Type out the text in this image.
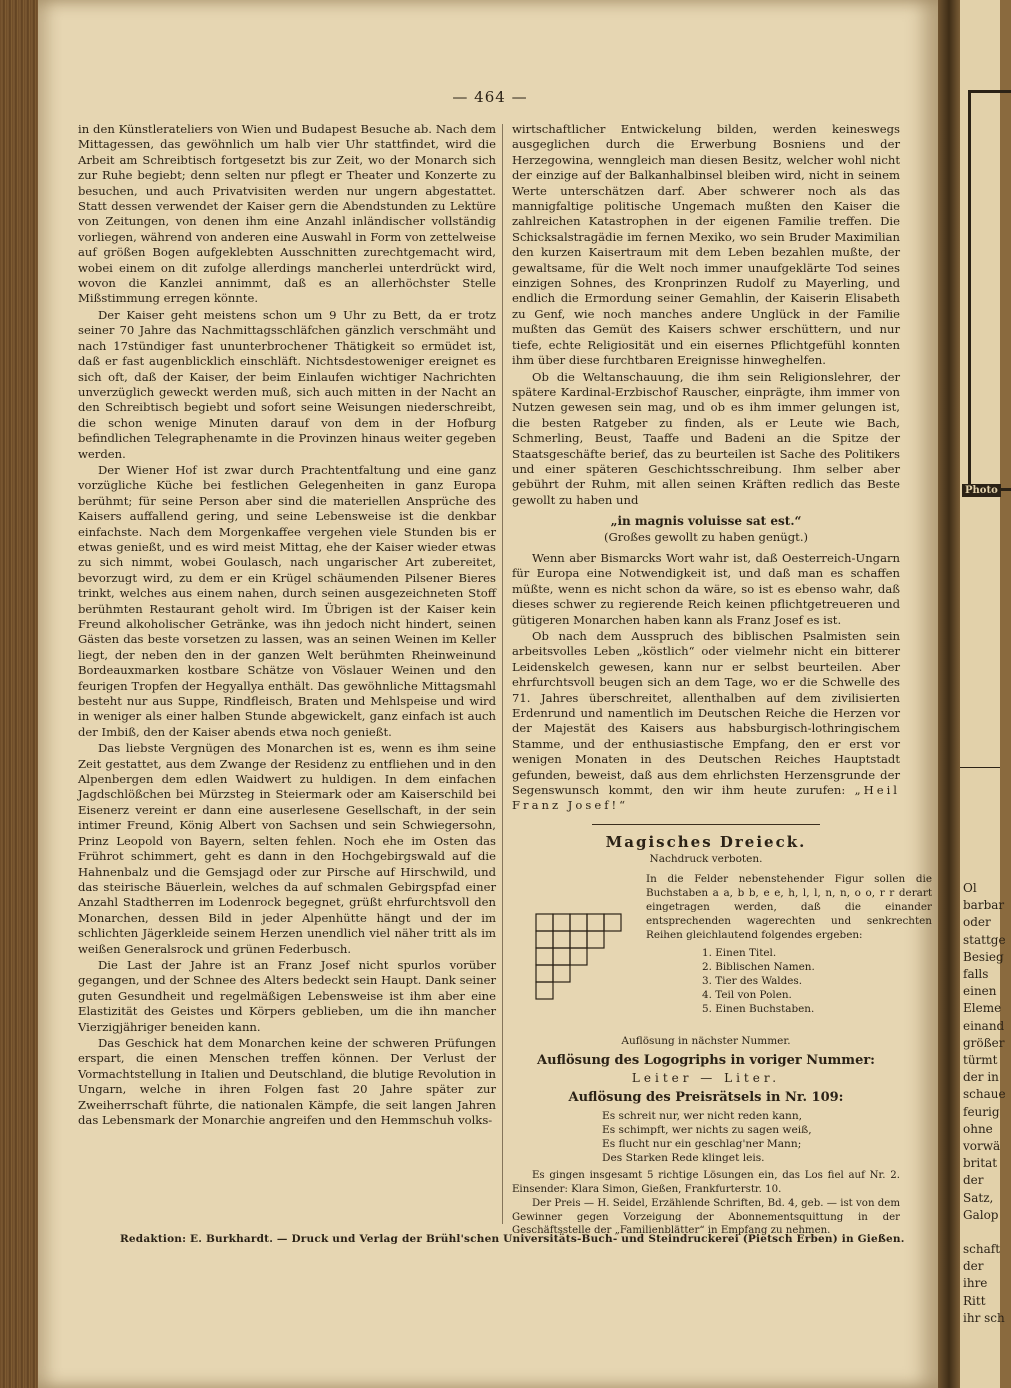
— 464 —

in den Künstlerateliers von Wien und Budapest Besuche ab. Nach dem Mittagessen, das gewöhnlich um halb vier Uhr stattfindet, wird die Arbeit am Schreibtisch fortgesetzt bis zur Zeit, wo der Monarch sich zur Ruhe begiebt; denn selten nur pflegt er Theater und Konzerte zu besuchen, und auch Privatvisiten werden nur ungern abgestattet. Statt dessen verwendet der Kaiser gern die Abendstunden zu Lektüre von Zeitungen, von denen ihm eine Anzahl inländischer vollständig vorliegen, während von anderen eine Auswahl in Form von zettelweise auf größen Bogen aufgeklebten Ausschnitten zurechtgemacht wird, wobei einem on dit zufolge allerdings mancherlei unterdrückt wird, wovon die Kanzlei annimmt, daß es an allerhöchster Stelle Mißstimmung erregen könnte.

Der Kaiser geht meistens schon um 9 Uhr zu Bett, da er trotz seiner 70 Jahre das Nachmittagsschläfchen gänzlich verschmäht und nach 17stündiger fast ununterbrochener Thätigkeit so ermüdet ist, daß er fast augenblicklich einschläft. Nichtsdestoweniger ereignet es sich oft, daß der Kaiser, der beim Einlaufen wichtiger Nachrichten unverzüglich geweckt werden muß, sich auch mitten in der Nacht an den Schreibtisch begiebt und sofort seine Weisungen niederschreibt, die schon wenige Minuten darauf von dem in der Hofburg befindlichen Telegraphenamte in die Provinzen hinaus weiter gegeben werden.

Der Wiener Hof ist zwar durch Prachtentfaltung und eine ganz vorzügliche Küche bei festlichen Gelegenheiten in ganz Europa berühmt; für seine Person aber sind die materiellen Ansprüche des Kaisers auffallend gering, und seine Lebensweise ist die denkbar einfachste. Nach dem Morgenkaffee vergehen viele Stunden bis er etwas genießt, und es wird meist Mittag, ehe der Kaiser wieder etwas zu sich nimmt, wobei Goulasch, nach ungarischer Art zubereitet, bevorzugt wird, zu dem er ein Krügel schäumenden Pilsener Bieres trinkt, welches aus einem nahen, durch seinen ausgezeichneten Stoff berühmten Restaurant geholt wird. Im Übrigen ist der Kaiser kein Freund alkoholischer Getränke, was ihn jedoch nicht hindert, seinen Gästen das beste vorsetzen zu lassen, was an seinen Weinen im Keller liegt, der neben den in der ganzen Welt berühmten Rheinweinund Bordeauxmarken kostbare Schätze von Vöslauer Weinen und den feurigen Tropfen der Hegyallya enthält. Das gewöhnliche Mittagsmahl besteht nur aus Suppe, Rindfleisch, Braten und Mehlspeise und wird in weniger als einer halben Stunde abgewickelt, ganz einfach ist auch der Imbiß, den der Kaiser abends etwa noch genießt.

Das liebste Vergnügen des Monarchen ist es, wenn es ihm seine Zeit gestattet, aus dem Zwange der Residenz zu entfliehen und in den Alpenbergen dem edlen Waidwert zu huldigen. In dem einfachen Jagdschlößchen bei Mürzsteg in Steiermark oder am Kaiserschild bei Eisenerz vereint er dann eine auserlesene Gesellschaft, in der sein intimer Freund, König Albert von Sachsen und sein Schwiegersohn, Prinz Leopold von Bayern, selten fehlen. Noch ehe im Osten das Frührot schimmert, geht es dann in den Hochgebirgswald auf die Hahnenbalz und die Gemsjagd oder zur Pirsche auf Hirschwild, und das steirische Bäuerlein, welches da auf schmalen Gebirgspfad einer Anzahl Stadtherren im Lodenrock begegnet, grüßt ehrfurchtsvoll den Monarchen, dessen Bild in jeder Alpenhütte hängt und der im schlichten Jägerkleide seinem Herzen unendlich viel näher tritt als im weißen Generalsrock und grünen Federbusch.

Die Last der Jahre ist an Franz Josef nicht spurlos vorüber gegangen, und der Schnee des Alters bedeckt sein Haupt. Dank seiner guten Gesundheit und regelmäßigen Lebensweise ist ihm aber eine Elastizität des Geistes und Körpers geblieben, um die ihn mancher Vierzigjähriger beneiden kann.

Das Geschick hat dem Monarchen keine der schweren Prüfungen erspart, die einen Menschen treffen können. Der Verlust der Vormachtstellung in Italien und Deutschland, die blutige Revolution in Ungarn, welche in ihren Folgen fast 20 Jahre später zur Zweiherrschaft führte, die nationalen Kämpfe, die seit langen Jahren das Lebensmark der Monarchie angreifen und den Hemmschuh volks-

wirtschaftlicher Entwickelung bilden, werden keineswegs ausgeglichen durch die Erwerbung Bosniens und der Herzegowina, wenngleich man diesen Besitz, welcher wohl nicht der einzige auf der Balkanhalbinsel bleiben wird, nicht in seinem Werte unterschätzen darf. Aber schwerer noch als das mannigfaltige politische Ungemach mußten den Kaiser die zahlreichen Katastrophen in der eigenen Familie treffen. Die Schicksalstragädie im fernen Mexiko, wo sein Bruder Maximilian den kurzen Kaisertraum mit dem Leben bezahlen mußte, der gewaltsame, für die Welt noch immer unaufgeklärte Tod seines einzigen Sohnes, des Kronprinzen Rudolf zu Mayerling, und endlich die Ermordung seiner Gemahlin, der Kaiserin Elisabeth zu Genf, wie noch manches andere Unglück in der Familie mußten das Gemüt des Kaisers schwer erschüttern, und nur tiefe, echte Religiosität und ein eisernes Pflichtgefühl konnten ihm über diese furchtbaren Ereignisse hinweghelfen.

Ob die Weltanschauung, die ihm sein Religionslehrer, der spätere Kardinal-Erzbischof Rauscher, einprägte, ihm immer von Nutzen gewesen sein mag, und ob es ihm immer gelungen ist, die besten Ratgeber zu finden, als er Leute wie Bach, Schmerling, Beust, Taaffe und Badeni an die Spitze der Staatsgeschäfte berief, das zu beurteilen ist Sache des Politikers und einer späteren Geschichtsschreibung. Ihm selber aber gebührt der Ruhm, mit allen seinen Kräften redlich das Beste gewollt zu haben und

„in magnis voluisse sat est.“
(Großes gewollt zu haben genügt.)

Wenn aber Bismarcks Wort wahr ist, daß Oesterreich-Ungarn für Europa eine Notwendigkeit ist, und daß man es schaffen müßte, wenn es nicht schon da wäre, so ist es ebenso wahr, daß dieses schwer zu regierende Reich keinen pflichtgetreueren und gütigeren Monarchen haben kann als Franz Josef es ist.

Ob nach dem Ausspruch des biblischen Psalmisten sein arbeitsvolles Leben „köstlich“ oder vielmehr nicht ein bitterer Leidenskelch gewesen, kann nur er selbst beurteilen. Aber ehrfurchtsvoll beugen sich an dem Tage, wo er die Schwelle des 71. Jahres überschreitet, allenthalben auf dem zivilisierten Erdenrund und namentlich im Deutschen Reiche die Herzen vor der Majestät des Kaisers aus habsburgisch-lothringischem Stamme, und der enthusiastische Empfang, den er erst vor wenigen Monaten in des Deutschen Reiches Hauptstadt gefunden, beweist, daß aus dem ehrlichsten Herzensgrunde der Segenswunsch kommt, den wir ihm heute zurufen: „Heil Franz Josef!“

Magisches Dreieck.
Nachdruck verboten.
In die Felder nebenstehender Figur sollen die Buchstaben a a, b b, e e, h, l, l, n, n, o o, r r derart eingetragen werden, daß die einander entsprechenden wagerechten und senkrechten Reihen gleichlautend folgendes ergeben:
1. Einen Titel.
2. Biblischen Namen.
3. Tier des Waldes.
4. Teil von Polen.
5. Einen Buchstaben.
Auflösung in nächster Nummer.
Auflösung des Logogriphs in voriger Nummer:
Leiter — Liter.
Auflösung des Preisrätsels in Nr. 109:
Es schreit nur, wer nicht reden kann,
Es schimpft, wer nichts zu sagen weiß,
Es flucht nur ein geschlag'ner Mann;
Des Starken Rede klinget leis.

Es gingen insgesamt 5 richtige Lösungen ein, das Los fiel auf Nr. 2. Einsender: Klara Simon, Gießen, Frankfurterstr. 10.

Der Preis — H. Seidel, Erzählende Schriften, Bd. 4, geb. — ist von dem Gewinner gegen Vorzeigung der Abonnementsquittung in der Geschäftsstelle der „Familienblätter“ in Empfang zu nehmen.

Redaktion: E. Burkhardt. — Druck und Verlag der Brühl'schen Universitäts-Buch- und Steindruckerei (Pietsch Erben) in Gießen.
Photo
Ol
barbar
oder
stattge
Besieg
falls
einen
Eleme
einand
größer
türmt
der in
schaue
feurig
ohne
vorwä
britat
der
Satz,
Galop
schaft
der
ihre
Ritt
ihr sch
